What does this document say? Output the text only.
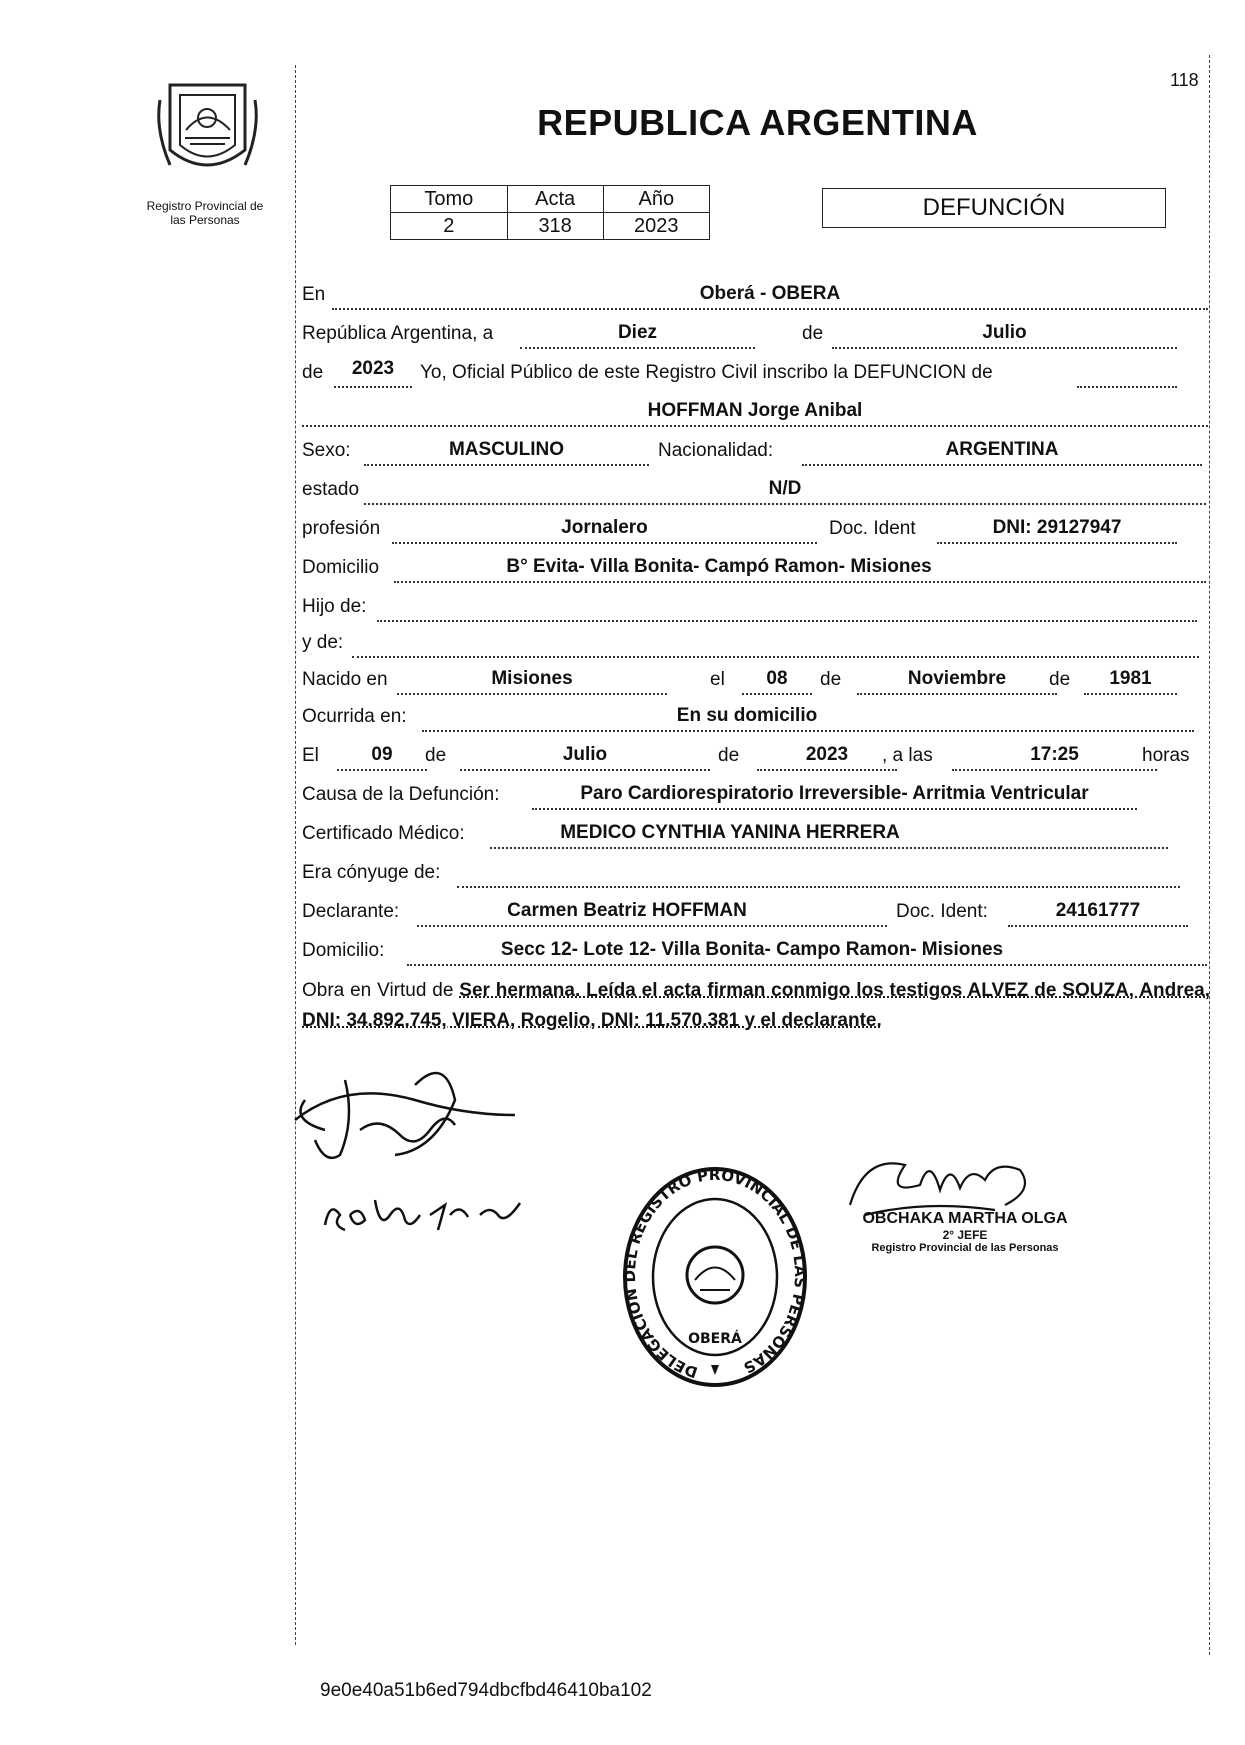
Registro Provincial de
las Personas
118
REPUBLICA ARGENTINA
Tomo	Acta	Año
2	318	2023
DEFUNCIÓN
En	Oberá - OBERA
República Argentina, a	Diez	de	Julio
de	2023	Yo, Oficial Público de este Registro Civil inscribo la DEFUNCION de
HOFFMAN Jorge Anibal
Sexo:	MASCULINO	Nacionalidad:	ARGENTINA
estado	N/D
profesión	Jornalero	Doc. Ident	DNI: 29127947
Domicilio	B° Evita- Villa Bonita- Campó Ramon- Misiones
Hijo de:
y de:
Nacido en	Misiones	el	08	de	Noviembre	de	1981
Ocurrida en:	En su domicilio
El	09	de	Julio	de	2023	, a las	17:25	horas
Causa de la Defunción:	Paro Cardiorespiratorio Irreversible- Arritmia Ventricular
Certificado Médico:	MEDICO CYNTHIA YANINA HERRERA
Era cónyuge de:
Declarante:	Carmen Beatriz HOFFMAN	Doc. Ident:	24161777
Domicilio:	Secc 12- Lote 12- Villa Bonita- Campo Ramon- Misiones
Obra en Virtud de Ser hermana. Leída el acta firman conmigo los testigos ALVEZ de SOUZA, Andrea, DNI: 34.892.745, VIERA, Rogelio, DNI: 11.570.381 y el declarante.
DELEGACION DEL REGISTRO PROVINCIAL DE LAS PERSONAS
OBERÁ
OBCHAKA MARTHA OLGA
2° JEFE
Registro Provincial de las Personas
9e0e40a51b6ed794dbcfbd46410ba102
